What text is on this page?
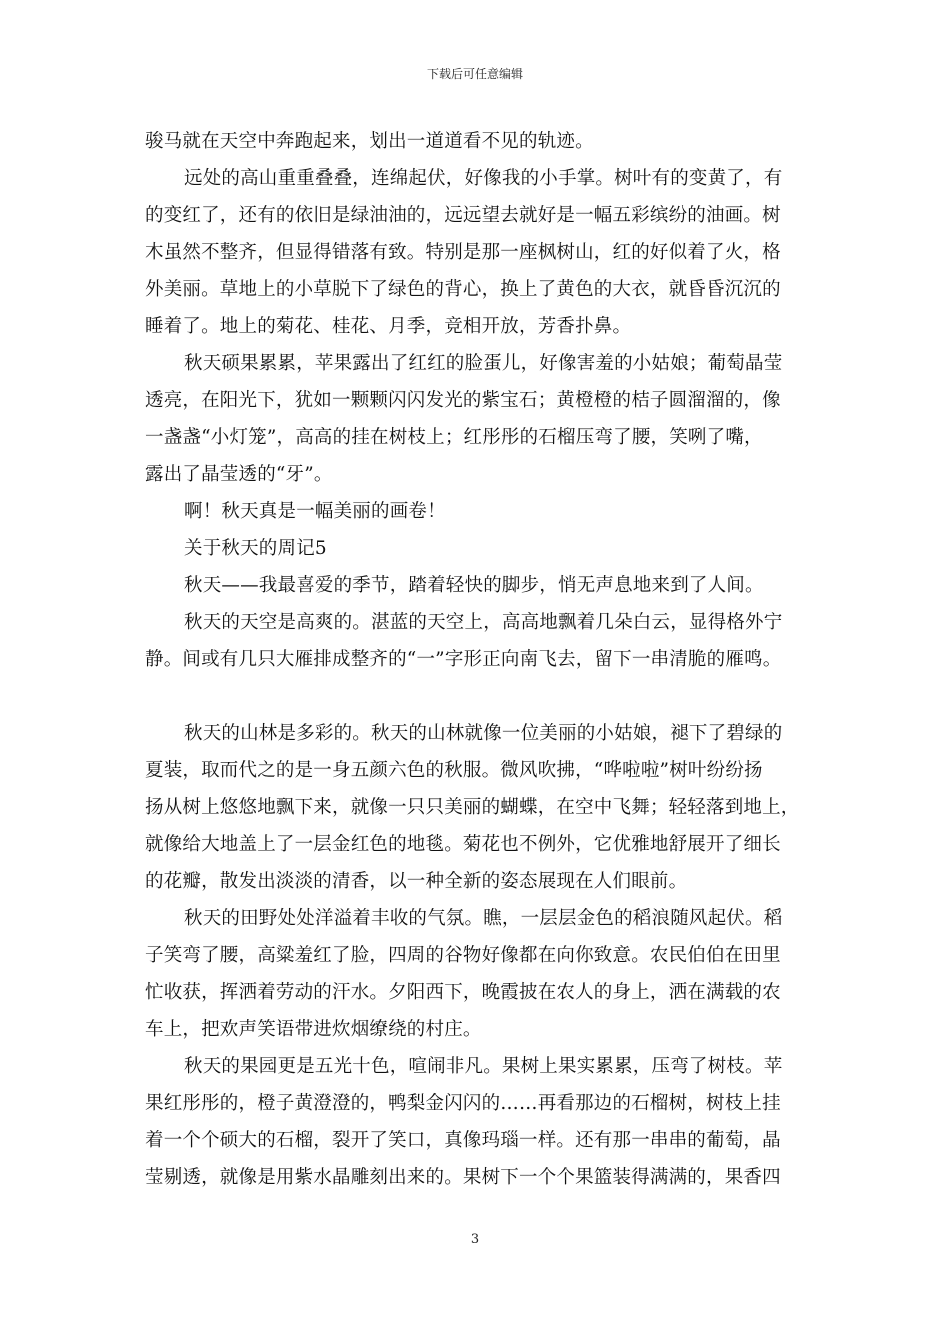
下载后可任意编辑
骏马就在天空中奔跑起来，划出一道道看不见的轨迹。
远处的高山重重叠叠，连绵起伏，好像我的小手掌。树叶有的变黄了，有
的变红了，还有的依旧是绿油油的，远远望去就好是一幅五彩缤纷的油画。树
木虽然不整齐，但显得错落有致。特别是那一座枫树山，红的好似着了火，格
外美丽。草地上的小草脱下了绿色的背心，换上了黄色的大衣，就昏昏沉沉的
睡着了。地上的菊花、桂花、月季，竞相开放，芳香扑鼻。
秋天硕果累累，苹果露出了红红的脸蛋儿，好像害羞的小姑娘；葡萄晶莹
透亮，在阳光下，犹如一颗颗闪闪发光的紫宝石；黄橙橙的桔子圆溜溜的，像
一盏盏“小灯笼”，高高的挂在树枝上；红彤彤的石榴压弯了腰，笑咧了嘴，
露出了晶莹透的“牙”。
啊！秋天真是一幅美丽的画卷！
关于秋天的周记5
秋天——我最喜爱的季节，踏着轻快的脚步，悄无声息地来到了人间。
秋天的天空是高爽的。湛蓝的天空上，高高地飘着几朵白云，显得格外宁
静。间或有几只大雁排成整齐的“一”字形正向南飞去，留下一串清脆的雁鸣。
秋天的山林是多彩的。秋天的山林就像一位美丽的小姑娘，褪下了碧绿的
夏装，取而代之的是一身五颜六色的秋服。微风吹拂，“哗啦啦”树叶纷纷扬
扬从树上悠悠地飘下来，就像一只只美丽的蝴蝶，在空中飞舞；轻轻落到地上，
就像给大地盖上了一层金红色的地毯。菊花也不例外，它优雅地舒展开了细长
的花瓣，散发出淡淡的清香，以一种全新的姿态展现在人们眼前。
秋天的田野处处洋溢着丰收的气氛。瞧，一层层金色的稻浪随风起伏。稻
子笑弯了腰，高粱羞红了脸，四周的谷物好像都在向你致意。农民伯伯在田里
忙收获，挥洒着劳动的汗水。夕阳西下，晚霞披在农人的身上，洒在满载的农
车上，把欢声笑语带进炊烟缭绕的村庄。
秋天的果园更是五光十色，喧闹非凡。果树上果实累累，压弯了树枝。苹
果红彤彤的，橙子黄澄澄的，鸭梨金闪闪的……再看那边的石榴树，树枝上挂
着一个个硕大的石榴，裂开了笑口，真像玛瑙一样。还有那一串串的葡萄，晶
莹剔透，就像是用紫水晶雕刻出来的。果树下一个个果篮装得满满的，果香四
3
